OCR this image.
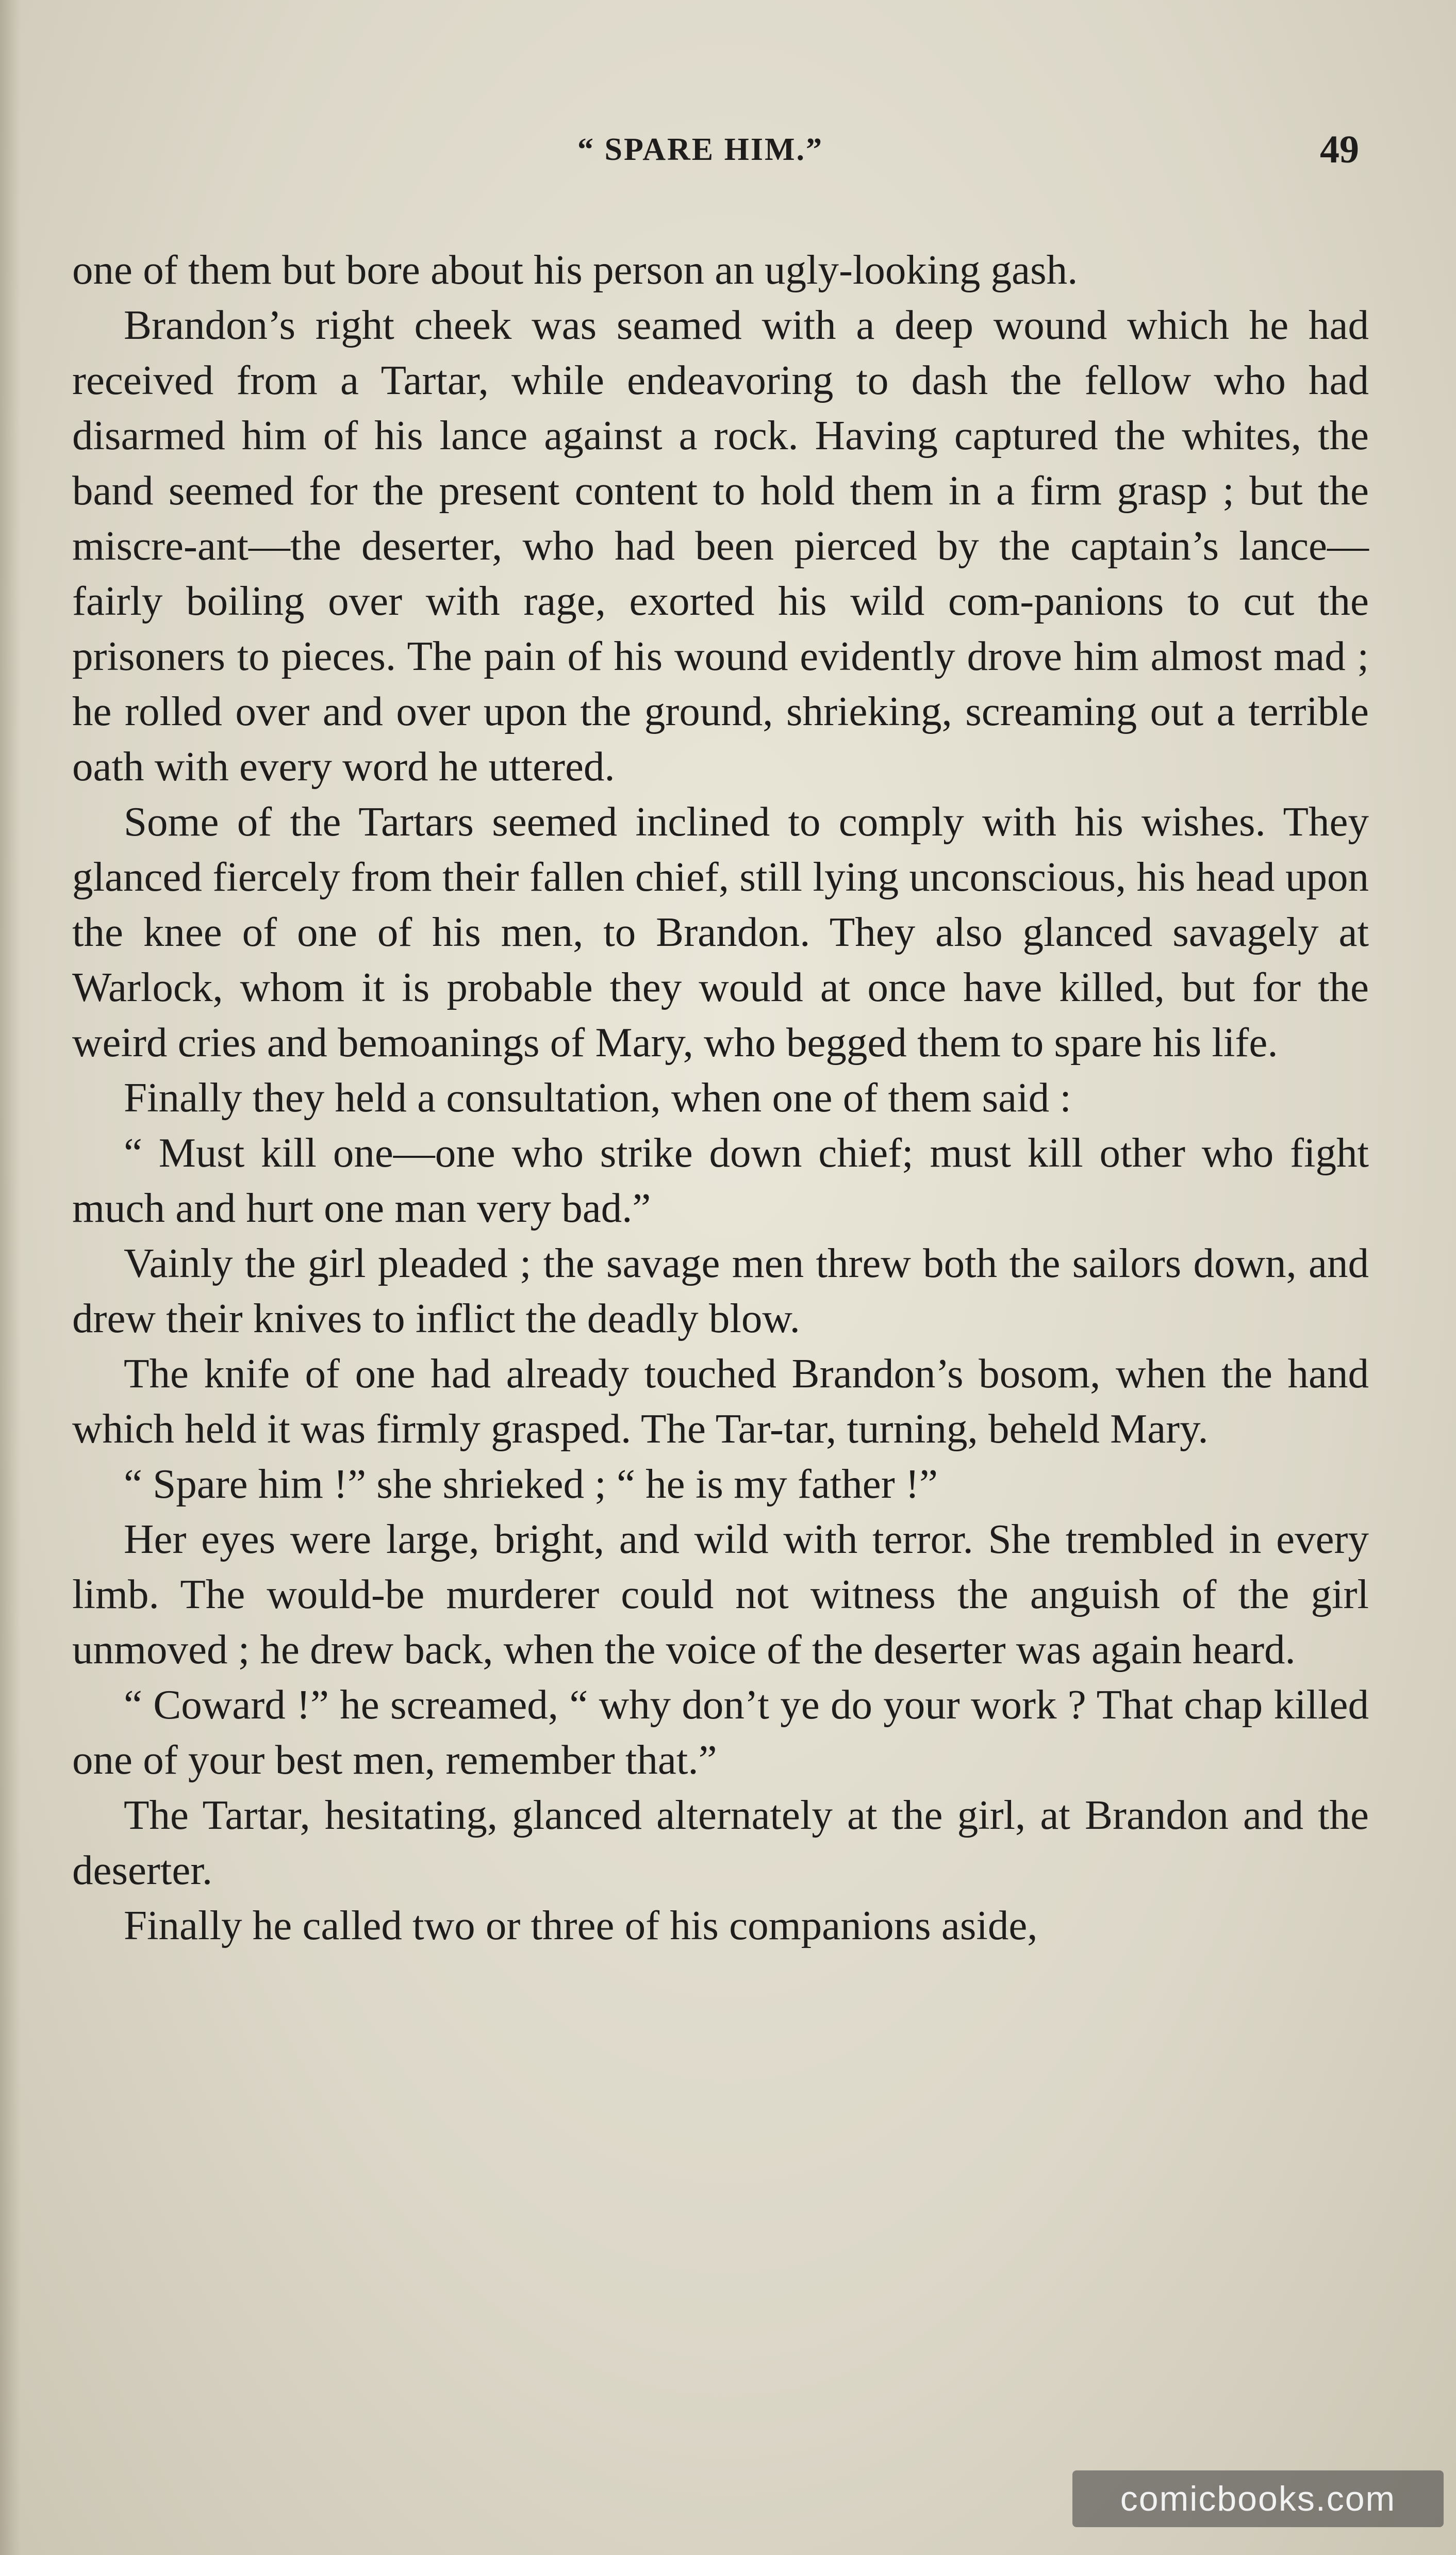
“ SPARE HIM.”	49

one of them but bore about his person an ugly-looking gash.

Brandon’s right cheek was seamed with a deep wound which he had received from a Tartar, while endeavoring to dash the fellow who had disarmed him of his lance against a rock. Having captured the whites, the band seemed for the present content to hold them in a firm grasp ; but the miscre-ant—the deserter, who had been pierced by the captain’s lance—fairly boiling over with rage, exorted his wild com-panions to cut the prisoners to pieces. The pain of his wound evidently drove him almost mad ; he rolled over and over upon the ground, shrieking, screaming out a terrible oath with every word he uttered.

Some of the Tartars seemed inclined to comply with his wishes. They glanced fiercely from their fallen chief, still lying unconscious, his head upon the knee of one of his men, to Brandon. They also glanced savagely at Warlock, whom it is probable they would at once have killed, but for the weird cries and bemoanings of Mary, who begged them to spare his life.

Finally they held a consultation, when one of them said :

“ Must kill one—one who strike down chief; must kill other who fight much and hurt one man very bad.”

Vainly the girl pleaded ; the savage men threw both the sailors down, and drew their knives to inflict the deadly blow.

The knife of one had already touched Brandon’s bosom, when the hand which held it was firmly grasped. The Tar-tar, turning, beheld Mary.

“ Spare him !” she shrieked ; “ he is my father !”

Her eyes were large, bright, and wild with terror. She trembled in every limb. The would-be murderer could not witness the anguish of the girl unmoved ; he drew back, when the voice of the deserter was again heard.

“ Coward !” he screamed, “ why don’t ye do your work ? That chap killed one of your best men, remember that.”

The Tartar, hesitating, glanced alternately at the girl, at Brandon and the deserter.

Finally he called two or three of his companions aside,

comicbooks.com
